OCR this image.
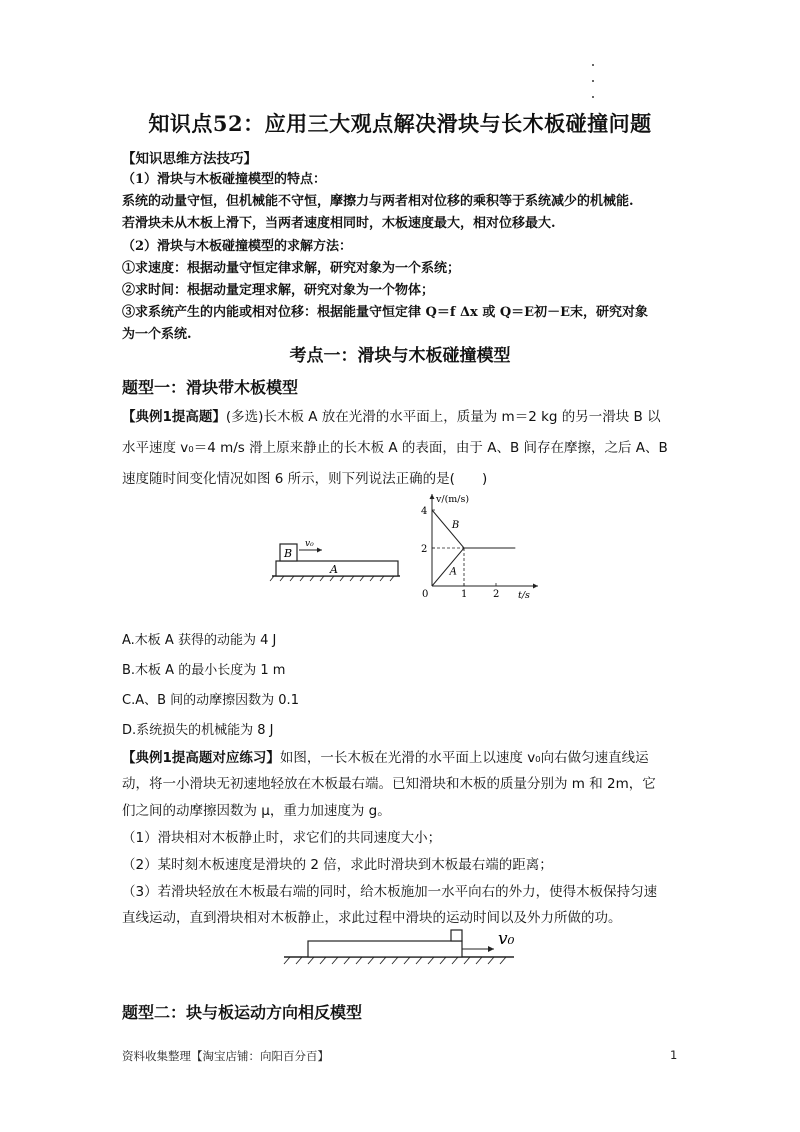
知识点52：应用三大观点解决滑块与长木板碰撞问题
【知识思维方法技巧】
（1）滑块与木板碰撞模型的特点：
系统的动量守恒，但机械能不守恒，摩擦力与两者相对位移的乘积等于系统减少的机械能.
若滑块未从木板上滑下，当两者速度相同时，木板速度最大，相对位移最大.
（2）滑块与木板碰撞模型的求解方法：
①求速度：根据动量守恒定律求解，研究对象为一个系统；
②求时间：根据动量定理求解，研究对象为一个物体；
③求系统产生的内能或相对位移：根据能量守恒定律 Q＝f Δx 或 Q＝E初－E末，研究对象
为一个系统.
考点一：滑块与木板碰撞模型
题型一：滑块带木板模型
【典例1提高题】(多选)长木板 A 放在光滑的水平面上，质量为 m＝2 kg 的另一滑块 B 以
水平速度 v₀＝4 m/s 滑上原来静止的长木板 A 的表面，由于 A、B 间存在摩擦，之后 A、B
速度随时间变化情况如图 6 所示，则下列说法正确的是(　　)
A
B
v₀
v/(m/s)
t/s
B
A
0	1	2
2
4
A.木板 A 获得的动能为 4 J
B.木板 A 的最小长度为 1 m
C.A、B 间的动摩擦因数为 0.1
D.系统损失的机械能为 8 J
【典例1提高题对应练习】如图，一长木板在光滑的水平面上以速度 v₀向右做匀速直线运
动，将一小滑块无初速地轻放在木板最右端。已知滑块和木板的质量分别为 m 和 2m，它
们之间的动摩擦因数为 μ，重力加速度为 g。
（1）滑块相对木板静止时，求它们的共同速度大小；
（2）某时刻木板速度是滑块的 2 倍，求此时滑块到木板最右端的距离；
（3）若滑块轻放在木板最右端的同时，给木板施加一水平向右的外力，使得木板保持匀速
直线运动，直到滑块相对木板静止，求此过程中滑块的运动时间以及外力所做的功。
v₀
题型二：块与板运动方向相反模型
资料收集整理【淘宝店铺：向阳百分百】	1
